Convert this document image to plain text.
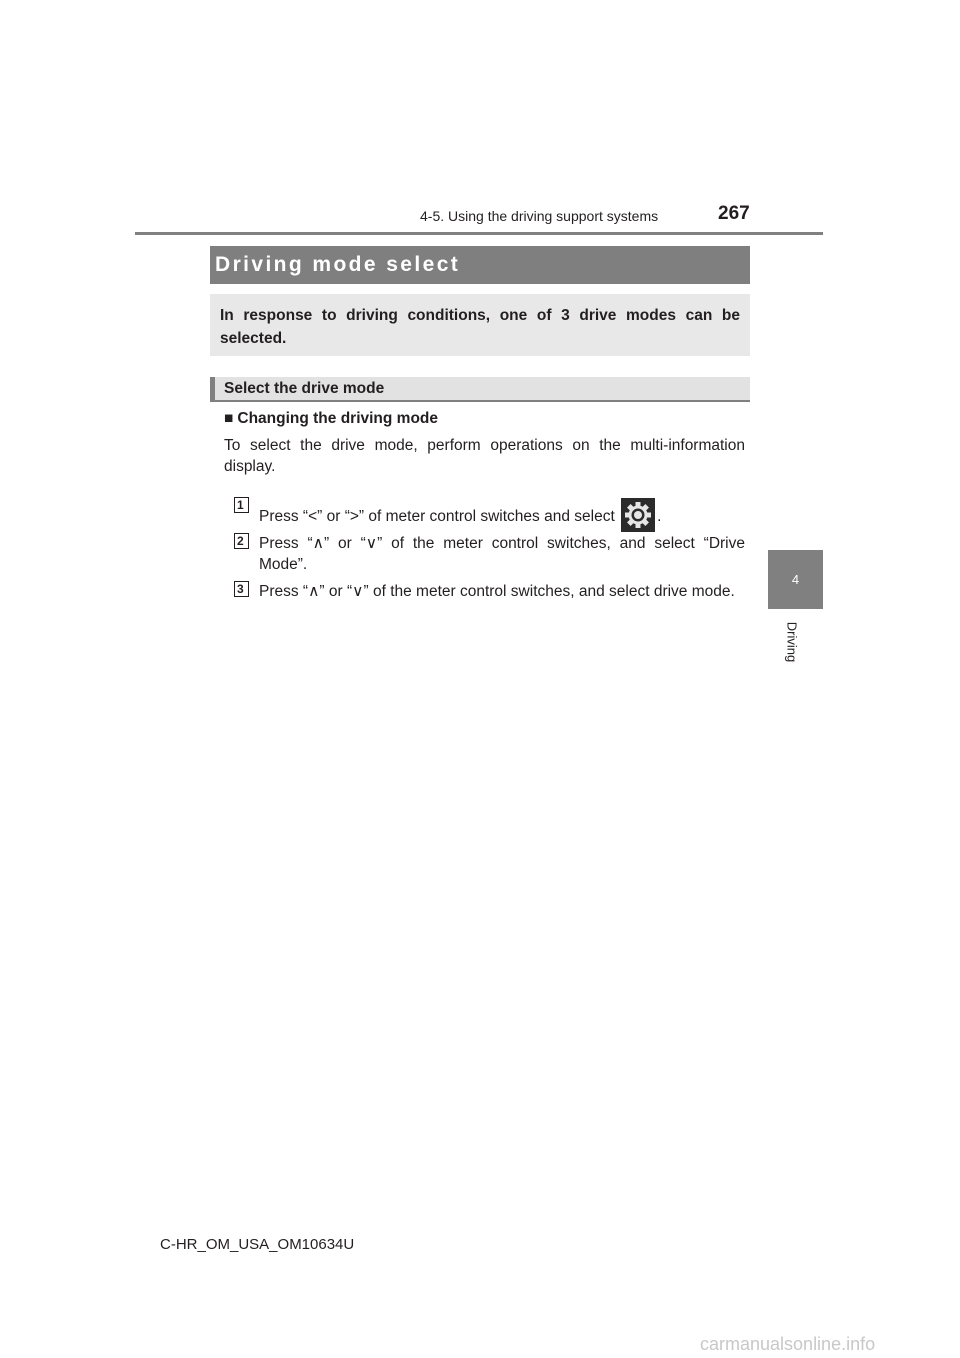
4-5. Using the driving support systems	267
4
Driving
Driving mode select
In response to driving conditions, one of 3 drive modes can be selected.
Select the drive mode
■ Changing the driving mode
To select the drive mode, perform operations on the multi-information display.
1
Press “<” or “>” of meter control switches and select .
2 Press “∧” or “∨” of the meter control switches, and select “Drive Mode”.
3 Press “∧” or “∨” of the meter control switches, and select drive mode.
C-HR_OM_USA_OM10634U
carmanualsonline.info
